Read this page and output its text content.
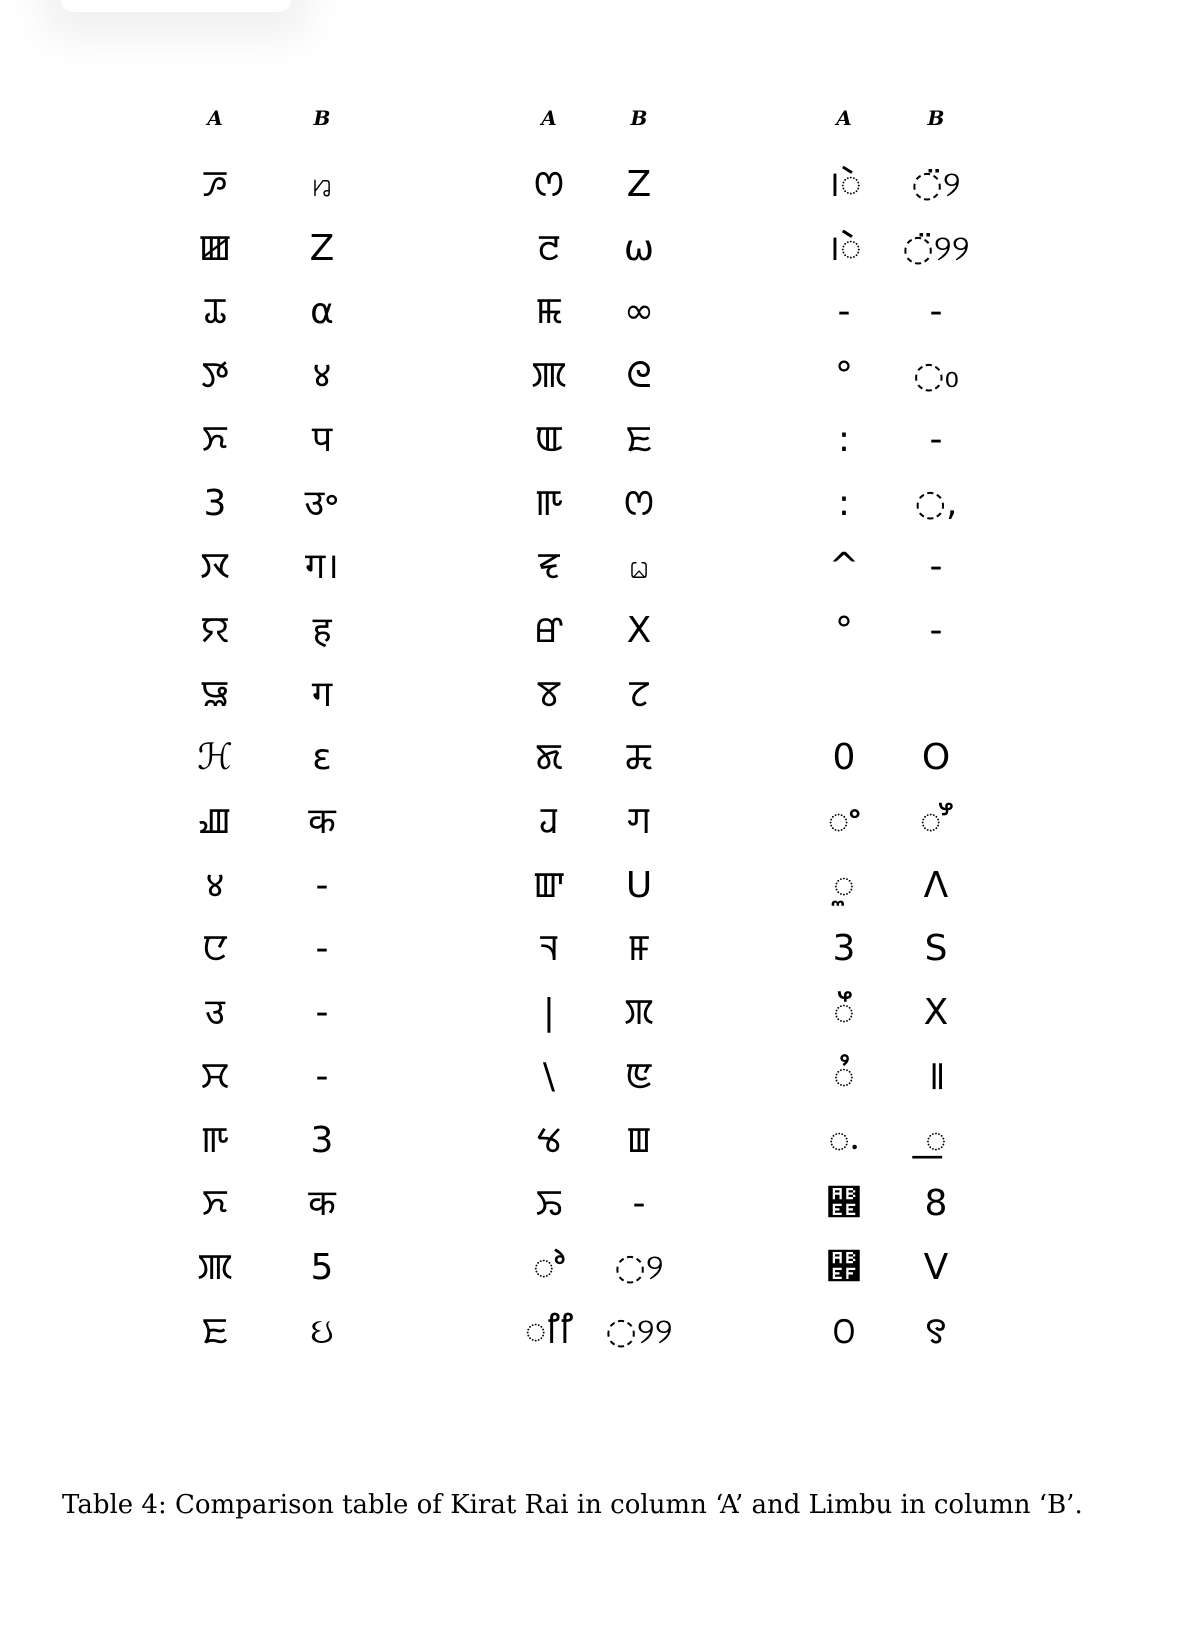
A	B
ꯍ	ꤙ
ꯀ	Z
ꯊ	α
ꯇ	४
ꯈ	प
3	उ॰
ꯋ	ग।
ꯌ	ह
ꯎ	ग
ℋ	ε
ꯉ	क
४	-
ꯅ	-
उ	-
ꯆ	-
ꯒ	3
ꯈ	क
ꯄ	5
ꯐ	ઇ
A	B
ꯁ	Z
ꯂ	ω
ꯃ	∞
ꯄ	ᘓ
ꯑ	ꯐ
ꯒ	ꯁ
ꯓ	ꤗ
ꯔ	X
ꯕ	ꯖ
ꯗ	ꯘ
ꯙ	ꯚ
ꯛ	U
ꯜ	ꯝ
|	ꯞ
\	ꯟ
ꯠ	ꯡ
ꯢ	-
ꯣ	◌୨
ꯤꯤ ◌୨୨
A	B
।ꯥ	◌̈୨
।ꯥꯥ	◌̈୨୨
-	-
°	◌₀
:	-
:	◌,
^	-
°	-
0	O
ꯦ	ꯧ
ꯨ	Λ
3	S
ꯩ	X
ꯪ	꯫
꯬	꯭
꯮	8
꯯	V
꯰	꯱
Table 4: Comparison table of Kirat Rai in column ‘A’ and Limbu in column ‘B’.
